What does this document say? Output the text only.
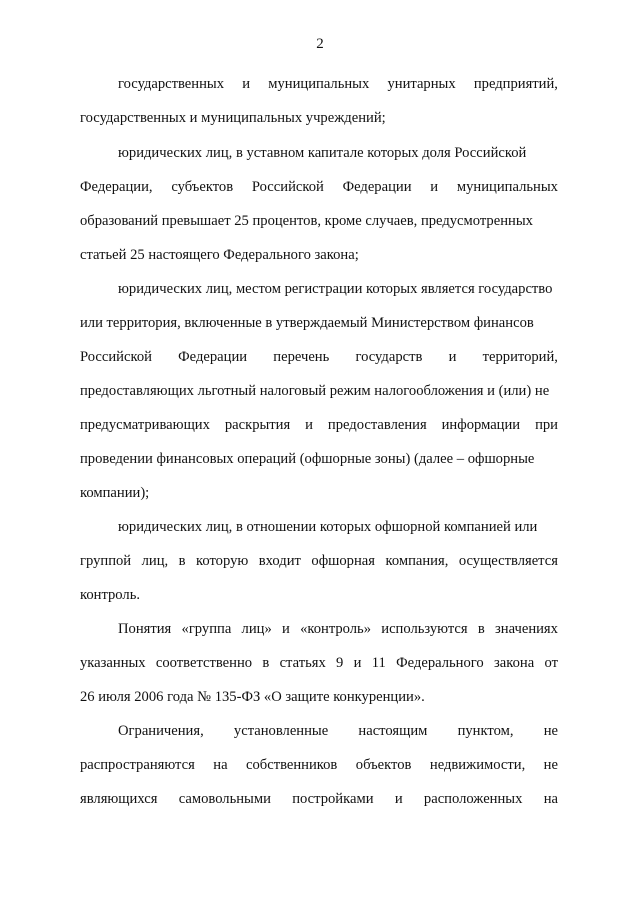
2
государственных и муниципальных унитарных предприятий,
государственных и муниципальных учреждений;
юридических лиц, в уставном капитале которых доля Российской
Федерации, субъектов Российской Федерации и муниципальных
образований превышает 25 процентов, кроме случаев, предусмотренных
статьей 25 настоящего Федерального закона;
юридических лиц, местом регистрации которых является государство
или территория, включенные в утверждаемый Министерством финансов
Российской Федерации перечень государств и территорий,
предоставляющих льготный налоговый режим налогообложения и (или) не
предусматривающих раскрытия и предоставления информации при
проведении финансовых операций (офшорные зоны) (далее – офшорные
компании);
юридических лиц, в отношении которых офшорной компанией или
группой лиц, в которую входит офшорная компания, осуществляется
контроль.
Понятия «группа лиц» и «контроль» используются в значениях
указанных соответственно в статьях 9 и 11 Федерального закона от
26 июля 2006 года № 135-ФЗ «О защите конкуренции».
Ограничения, установленные настоящим пунктом, не
распространяются на собственников объектов недвижимости, не
являющихся самовольными постройками и расположенных на
